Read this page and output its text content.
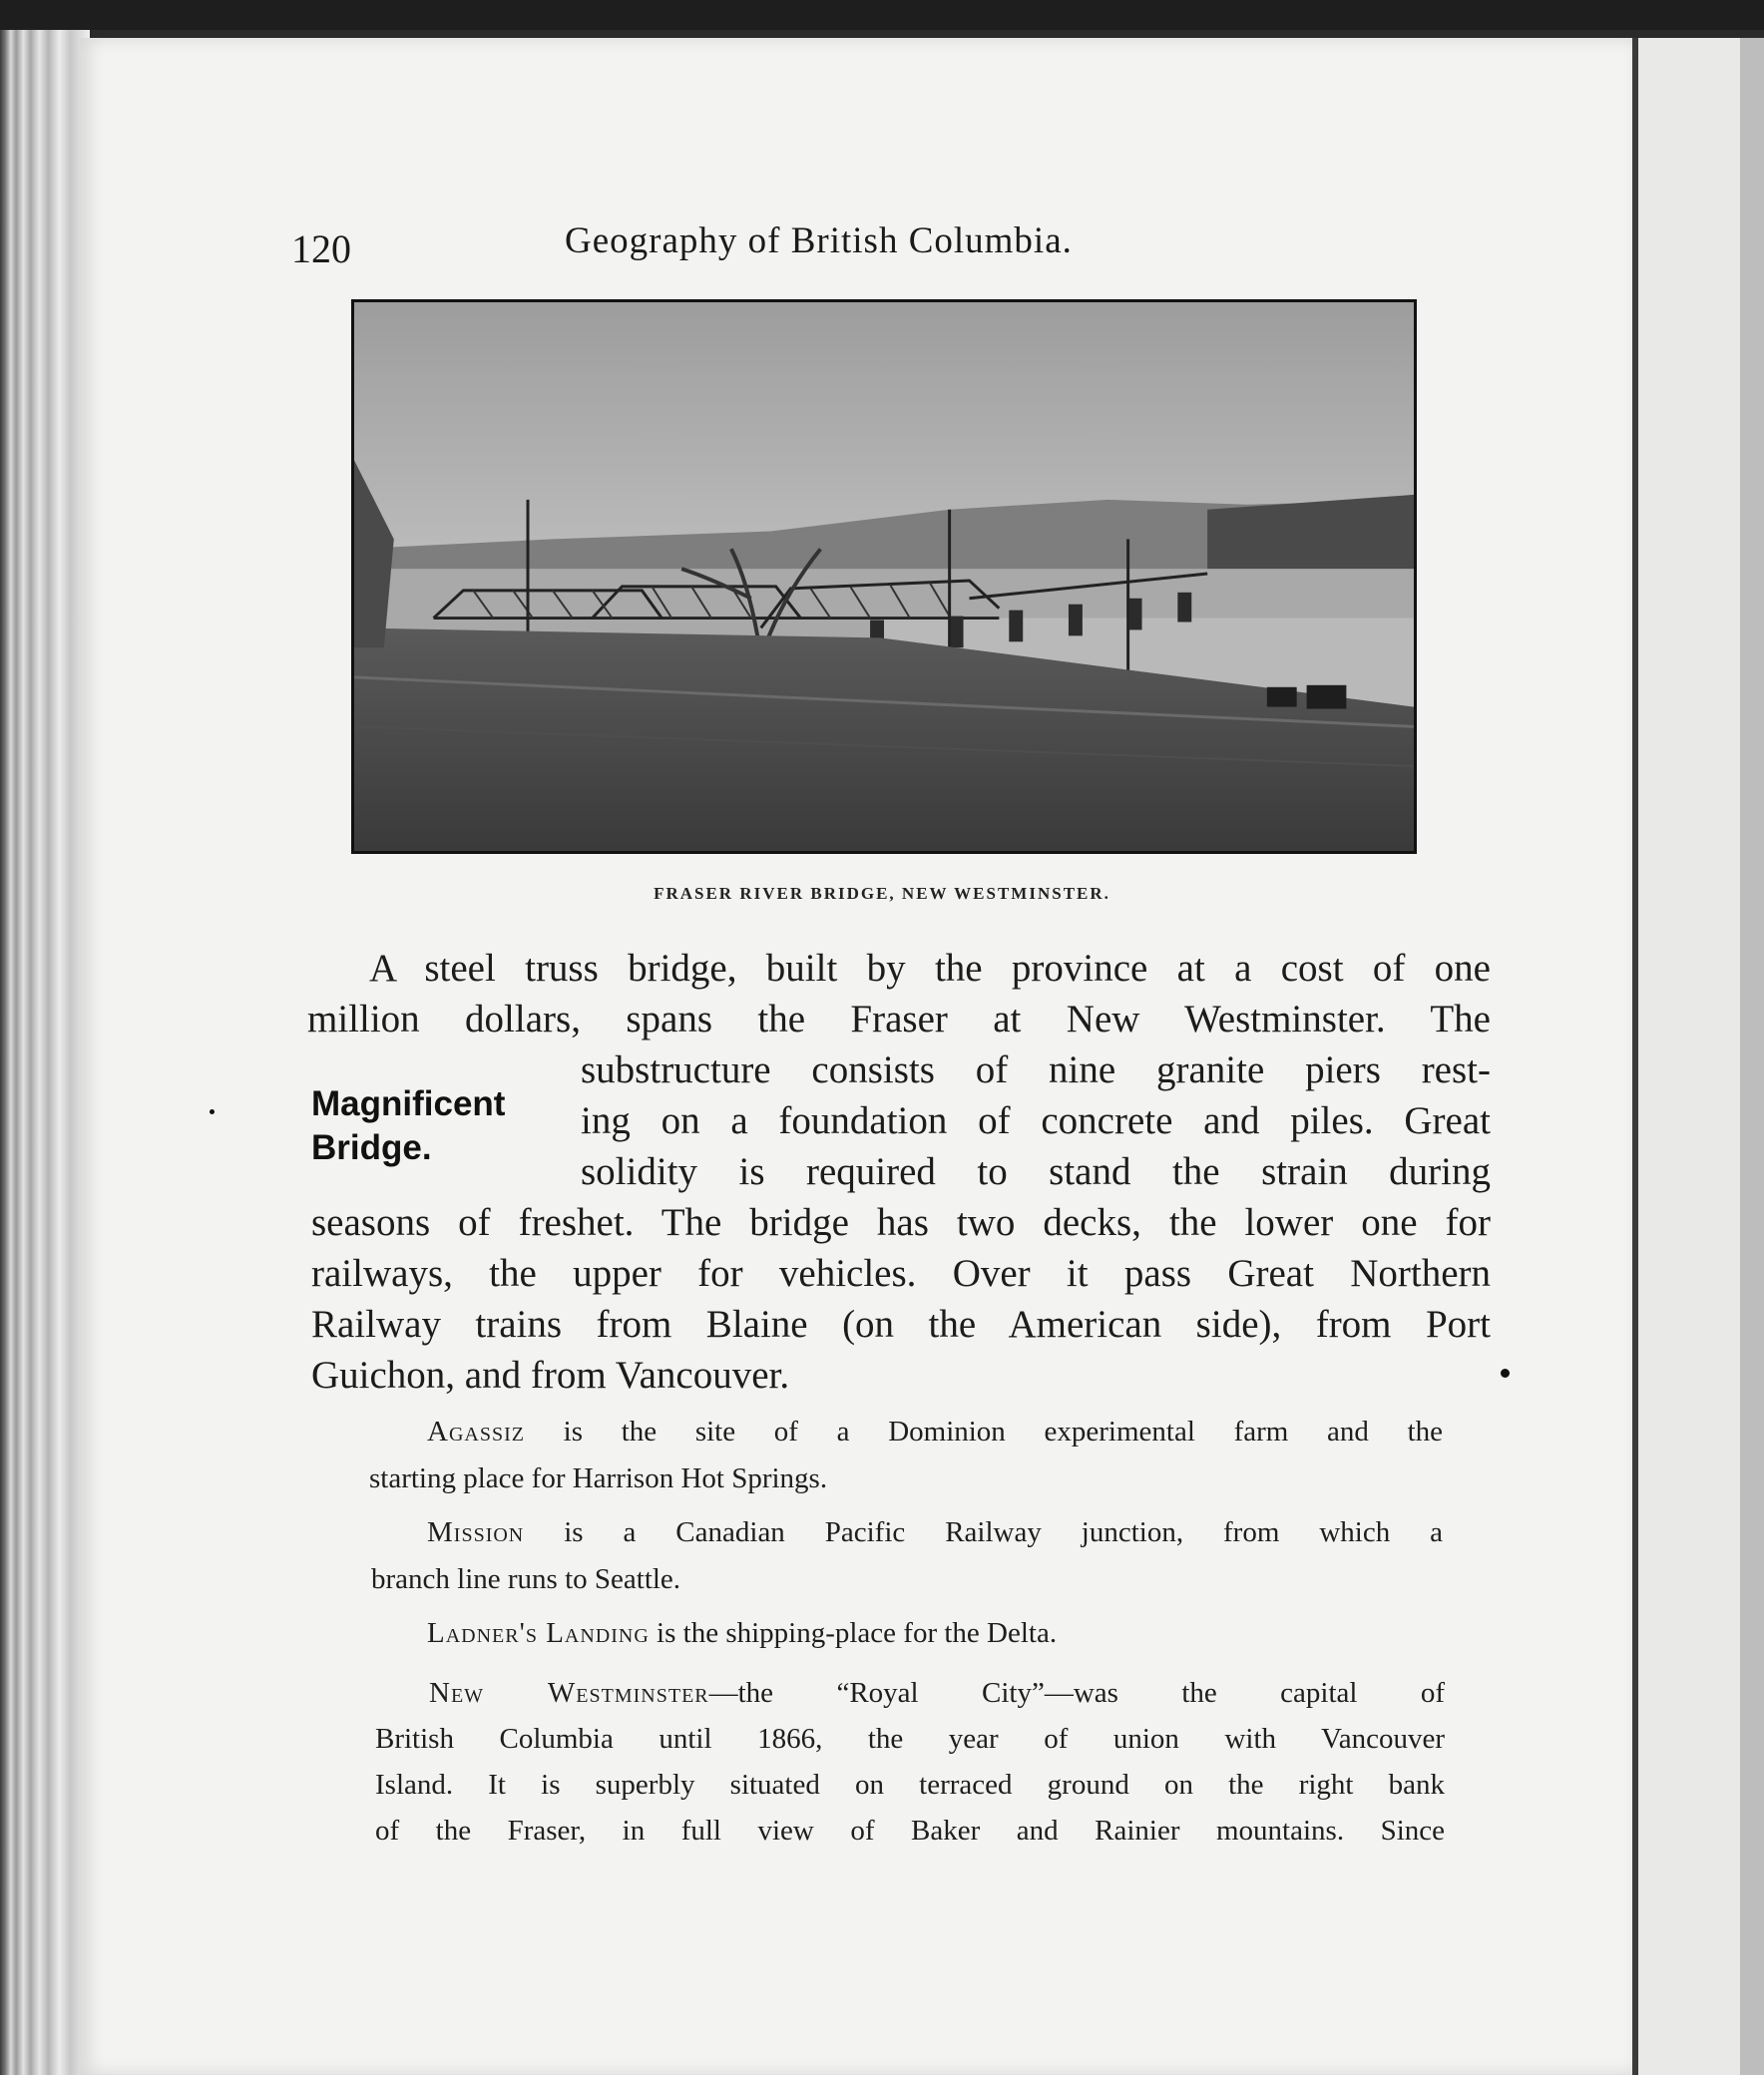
120	Geography of British Columbia.
FRASER RIVER BRIDGE, NEW WESTMINSTER.
A steel truss bridge, built by the province at a cost of one
million dollars, spans the Fraser at New Westminster. The
substructure consists of nine granite piers rest-
ing on a foundation of concrete and piles. Great
solidity is required to stand the strain during
seasons of freshet. The bridge has two decks, the lower one for
railways, the upper for vehicles. Over it pass Great Northern
Railway trains from Blaine (on the American side), from Port
Guichon, and from Vancouver.
Magnificent
Bridge.
Agassiz is the site of a Dominion experimental farm and the
starting place for Harrison Hot Springs.
Mission is a Canadian Pacific Railway junction, from which a
branch line runs to Seattle.
Ladner's Landing is the shipping-place for the Delta.
New Westminster—the “Royal City”—was the capital of
British Columbia until 1866, the year of union with Vancouver
Island. It is superbly situated on terraced ground on the right bank
of the Fraser, in full view of Baker and Rainier mountains. Since
